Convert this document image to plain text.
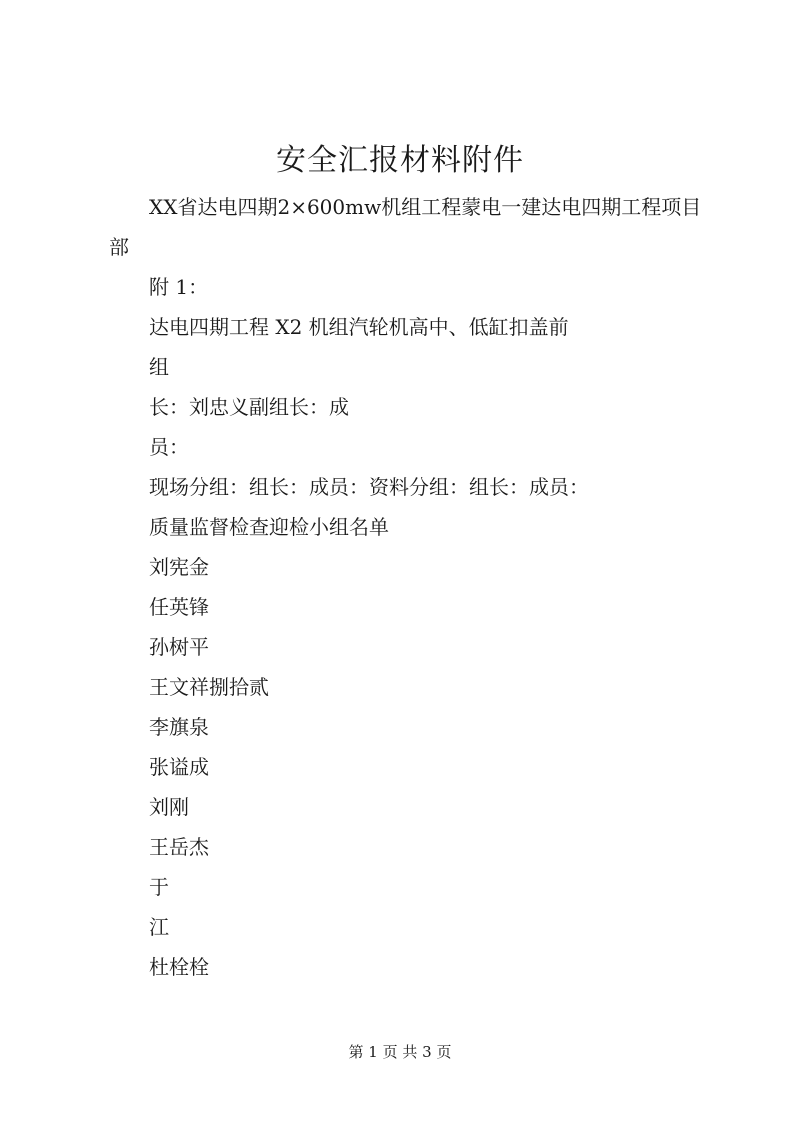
安全汇报材料附件

XX省达电四期2×600mw机组工程蒙电一建达电四期工程项目部

附 1：

达电四期工程 X2 机组汽轮机高中、低缸扣盖前

组

长：刘忠义副组长：成

员：

现场分组：组长：成员：资料分组：组长：成员：

质量监督检查迎检小组名单

刘宪金

任英锋

孙树平

王文祥捌拾贰

李旗泉

张谥成

刘刚

王岳杰

于

江

杜栓栓

第 1 页 共 3 页
